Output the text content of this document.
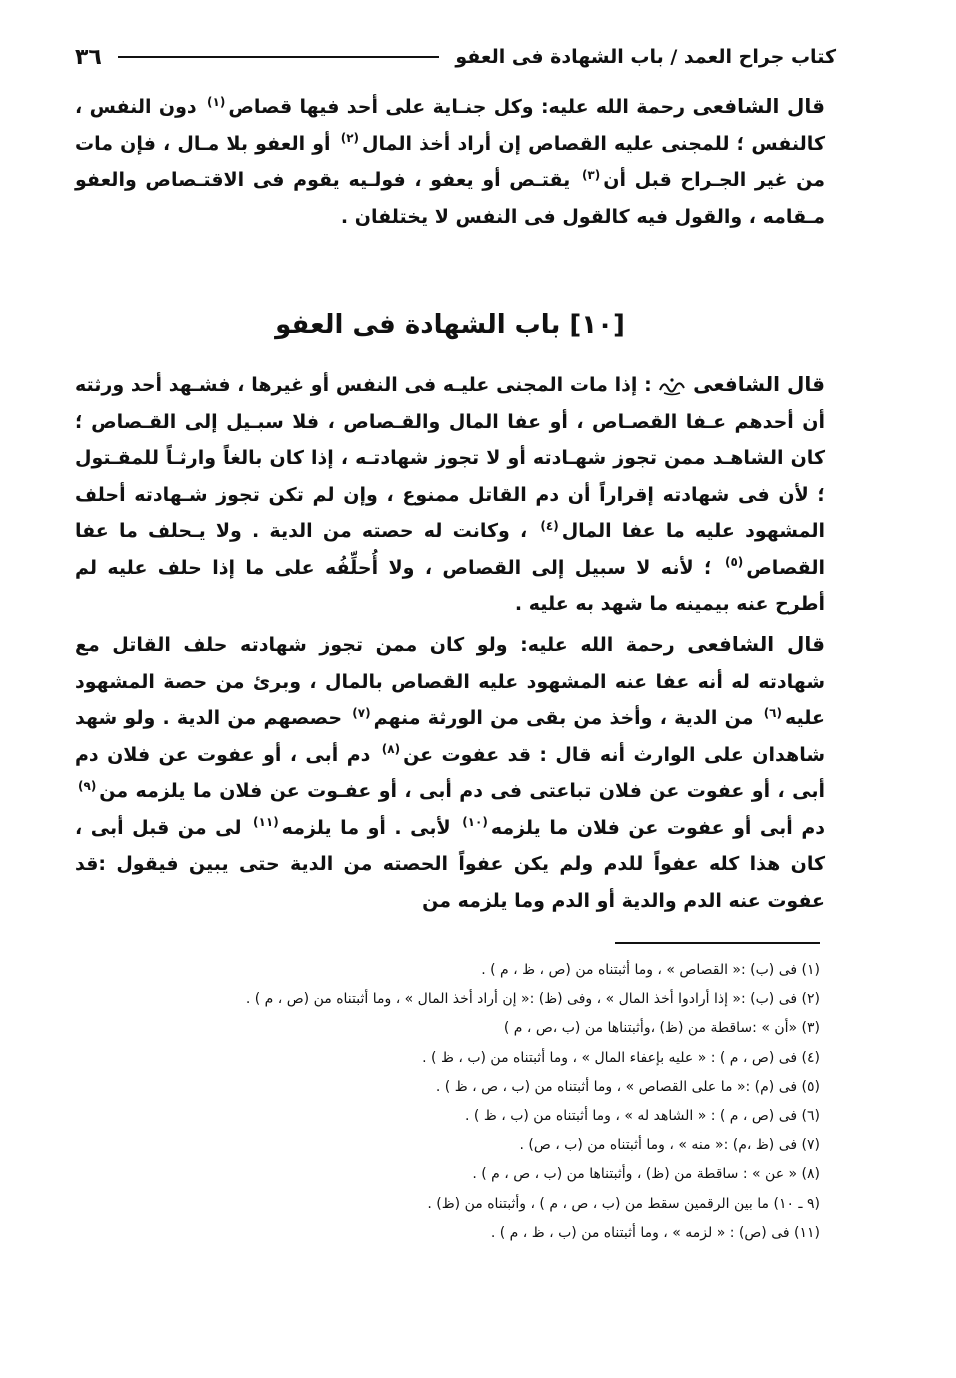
كتاب جراح العمد / باب الشهادة فى العفو
٣٦

قال الشافعى رحمة الله عليه: وكل جنـاية على أحد فيها قصاص$^{(١)}$ دون النفس ، كالنفس ؛ للمجنى عليه القصاص إن أراد أخذ المال$^{(٢)}$ أو العفو بلا مـال ، فإن مات من غير الجـراح قبل أن$^{(٣)}$ يقتـص أو يعفو ، فولـيه يقوم فى الاقتـصاص والعفو مـقامه ، والقول فيه كالقول فى النفس لا يختلفان .

[١٠] باب الشهادة فى العفو

قال الشافعى  : إذا مات المجنى عليـه فى النفس أو غيرها ، فشـهد أحد ورثته أن أحدهم عـفا القصـاص ، أو عفا المال والقـصاص ، فلا سبـيل إلى القـصاص ؛ كان الشاهـد ممن تجوز شهـادته أو لا تجوز شهادتـه ، إذا كان بالغاً وارثـاً للمقـتول ؛ لأن فى شهادته إقراراً أن دم القاتل ممنوع ، وإن لم تكن تجوز شـهادته أحلف المشهود عليه ما عفا المال$^{(٤)}$ ، وكانت له حصته من الدية . ولا يـحلف ما عفا القصاص$^{(٥)}$ ؛ لأنه لا سبيل إلى القصاص ، ولا أُحلِّفُه على ما إذا حلف عليه لم أطرح عنه بيمينه ما شهد به عليه .

قال الشافعى رحمة الله عليه: ولو كان ممن تجوز شهادته حلف القاتل مع شهادته له أنه عفا عنه المشهود عليه القصاص بالمال ، وبرئ من حصة المشهود عليه$^{(٦)}$ من الدية ، وأخذ من بقى من الورثة منهم$^{(٧)}$ حصصهم من الدية . ولو شهد شاهدان على الوارث أنه قال : قد عفوت عن$^{(٨)}$ دم أبى ، أو عفوت عن فلان دم أبى ، أو عفوت عن فلان تباعتى فى دم أبى ، أو عفـوت عن فلان ما يلزمه من$^{(٩)}$ دم أبى أو عفوت عن فلان ما يلزمه$^{(١٠)}$ لأبى . أو ما يلزمه$^{(١١)}$ لى من قبل أبى ، كان هذا كله عفواً للدم ولم يكن عفواً الحصته من الدية حتى يبين فيقول :قد عفوت عنه الدم والدية أو الدم وما يلزمه من

(١) فى (ب) :« القصاص » ، وما أثبتناه من (ص ، ظ ، م ) .
(٢) فى (ب) :« إذا أرادوا أخذ المال » ، وفى (ظ) :« إن أراد أخذ المال » ، وما أثبتناه من (ص ، م ) .
(٣) «أن » :ساقطة من (ظ) ،وأثبتناها من (ب ،ص ، م )
(٤) فى (ص ، م ) : « عليه بإعفاء المال » ، وما أثبتناه من (ب ، ظ ) .
(٥) فى (م) :« ما على القصاص » ، وما أثبتناه من (ب ، ص ، ظ ) .
(٦) فى (ص ، م ) : « الشاهد له » ، وما أثبتناه من (ب ، ظ ) .
(٧) فى (ظ ،م) :« منه » ، وما أثبتناه من (ب ، ص) .
(٨) « عن » : ساقطة من (ظ) ، وأثبتناها من (ب ، ص ، م ) .
(٩ ـ ١٠) ما بين الرقمين سقط من (ب ، ص ، م ) ، وأثبتناه من (ظ) .
(١١) فى (ص) : « لزمه » ، وما أثبتناه من (ب ، ظ ، م ) .
